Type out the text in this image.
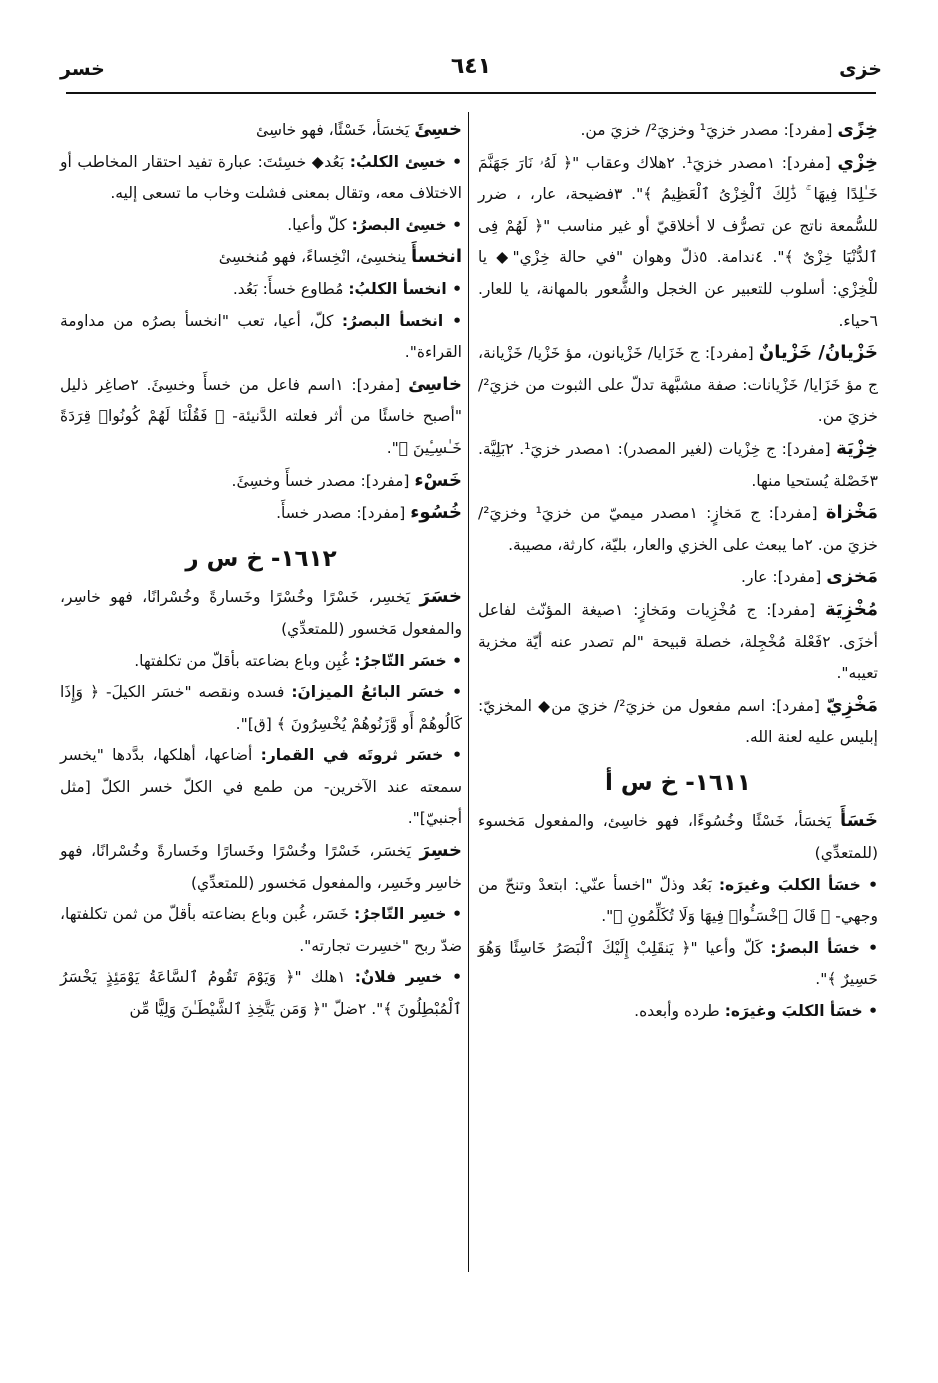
خزى
٦٤١
خسر

خِزًى [مفرد]: مصدر خزيَ¹ وخزيَ²/ خزيَ من.

خِزْي [مفرد]: ١مصدر خزيَ¹. ٢هلاك وعقاب "﴿ لَهُۥ نَارَ جَهَنَّمَ خَـٰلِدًا فِيهَا ۚ ذَٰلِكَ ٱلْخِزْىُ ٱلْعَظِيمُ ﴾". ٣فضيحة، عار، ، ضرر للسُّمعة ناتج عن تصرُّف لا أخلاقيّ أو غير مناسب "﴿ لَهُمْ فِى ٱلدُّنْيَا خِزْىٌ ﴾". ٤ندامة. ٥ذلّ وهوان "في حالة خِزْي"◆ يا للْخِزْي: أسلوب للتعبير عن الخجل والشُّعور بالمهانة، يا للعار. ٦حياء.

خَزْيانُ/ خَزْيانٌ [مفرد]: ج خَزَايا/ خَزْيانون، مؤ خَزْيا/ خَزْيانة، ج مؤ خَزَايا/ خَزْيانات: صفة مشبَّهة تدلّ على الثبوت من خزيَ²/ خزيَ من.

خِزْيَة [مفرد]: ج خِزْيات (لغير المصدر): ١مصدر خزيَ¹. ٢بَلِيَّة. ٣خَصْلة يُستحيا منها.

مَخْزاة [مفرد]: ج مَخازٍ: ١مصدر ميميّ من خزيَ¹ وخزيَ²/ خزيَ من. ٢ما يبعث على الخزي والعار، بليّة، كارثة، مصيبة.

مَخزى [مفرد]: عار.

مُخْزِيَة [مفرد]: ج مُخْزِيات ومَخازٍ: ١صيغة المؤنّث لفاعل أخزَى. ٢فَعْلة مُخْجِلة، خصلة قبيحة "لم تصدر عنه أيّة مخزية تعيبه".

مَخْزِيّ [مفرد]: اسم مفعول من خزيَ²/ خزيَ من◆ المخزيّ: إبليس عليه لعنة الله.

١٦١١- خ س أ

خَسَأَ يَخسَأ، خَسْئًا وخُسُوءًا، فهو خاسِئ، والمفعول مَخسوء (للمتعدِّي)

• خسَأ الكلبَ وغيرَه: بَعُد وذلّ "اخسأ عنّي: ابتعدْ وتنحّ من وجهي- ﴿ قَالَ ٱخْسَـُٔوا۟ فِيهَا وَلَا تُكَلِّمُونِ ﴾".

• خسَأ البصرُ: كَلّ وأعيا "﴿ يَنقَلِبْ إِلَيْكَ ٱلْبَصَرُ خَاسِئًا وَهُوَ حَسِيرٌ ﴾".

• خسَأ الكلبَ وغيرَه: طرده وأبعده.

خسِئَ يَخسَأ، خَسْئًا، فهو خاسِئ

• خسِئ الكلبُ: بَعُد◆ خسِئتَ: عبارة تفيد احتقار المخاطب أو الاختلاف معه، وتقال بمعنى فشلت وخاب ما تسعى إليه.

• خسِئ البصرُ: كلّ وأعيا.

انخسأَ ينخسِئ، انْخِساءً، فهو مُنخسِئ

• انخسأ الكلبُ: مُطاوع خسأَ: بَعُد.

• انخسأ البصرُ: كلّ، أعيا، تعب "انخسأ بصرُه من مداومة القراءة".

خاسِئ [مفرد]: ١اسم فاعل من خسأَ وخسِئَ. ٢صاغِر ذليل "أصبح خاسئًا من أثر فعلته الدَّنيئة- ﴿ فَقُلْنَا لَهُمْ كُونُوا۟ قِرَدَةً خَـٰسِـِٔينَ ﴾".

خَسْء [مفرد]: مصدر خسأَ وخسِئَ.

خُسُوء [مفرد]: مصدر خسأَ.

١٦١٢- خ س ر

خسَرَ يَخسِر، خَسْرًا وخُسْرًا وخَسارةً وخُسْرانًا، فهو خاسِر، والمفعول مَخسور (للمتعدِّي)

• خسَر التّاجرُ: غُبِن وباع بضاعته بأقلّ من تكلفتها.

• خسَر البائعُ الميزانَ: فسده ونقصه "خسَر الكيلَ- ﴿ وَإِذَا كَالُوهُمْ أَو وَّزَنُوهُمْ يُخْسِرُونَ ﴾ [ق]".

• خسَر ثروتَه في القمار: أضاعها، أهلكها، بدَّدها "يخسر سمعته عند الآخرين- من طمع في الكلّ خسر الكلّ [مثل أجنبيّ]".

خسِرَ يَخسَر، خَسْرًا وخُسْرًا وخَسارًا وخَسارةً وخُسْرانًا، فهو خاسِر وخَسِر، والمفعول مَخسور (للمتعدِّي)

• خسِر التّاجرُ: خَسَر، غُبن وباع بضاعته بأقلّ من ثمن تكلفتها، ضدّ ربح "خسِرت تجارته".

• خسِر فلانٌ: ١هلك "﴿ وَيَوْمَ تَقُومُ ٱلسَّاعَةُ يَوْمَئِذٍ يَخْسَرُ ٱلْمُبْطِلُونَ ﴾". ٢ضلّ "﴿ وَمَن يَتَّخِذِ ٱلشَّيْطَـٰنَ وَلِيًّا مِّن
